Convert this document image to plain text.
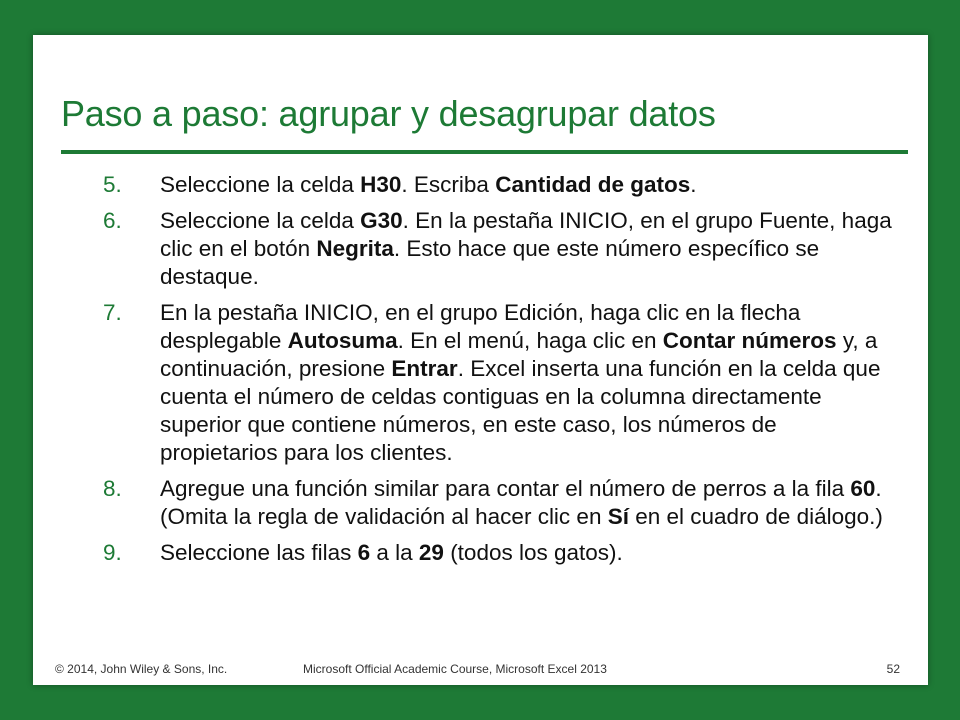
Paso a paso: agrupar y desagrupar datos
5. Seleccione la celda H30. Escriba Cantidad de gatos.
6. Seleccione la celda G30. En la pestaña INICIO, en el grupo Fuente, haga clic en el botón Negrita. Esto hace que este número específico se destaque.
7. En la pestaña INICIO, en el grupo Edición, haga clic en la flecha desplegable Autosuma. En el menú, haga clic en Contar números y, a continuación, presione Entrar. Excel inserta una función en la celda que cuenta el número de celdas contiguas en la columna directamente superior que contiene números, en este caso, los números de propietarios para los clientes.
8. Agregue una función similar para contar el número de perros a la fila 60. (Omita la regla de validación al hacer clic en Sí en el cuadro de diálogo.)
9. Seleccione las filas 6 a la 29 (todos los gatos).
© 2014, John Wiley & Sons, Inc.	Microsoft Official Academic Course, Microsoft Excel 2013	52
